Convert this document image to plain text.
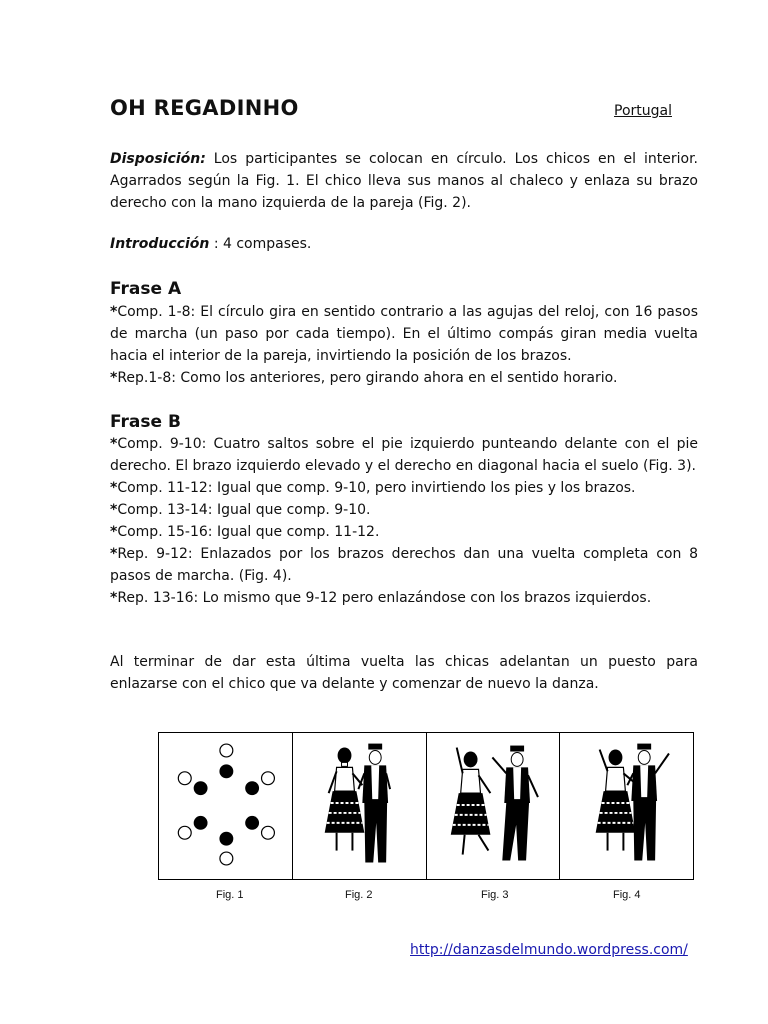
OH REGADINHO	Portugal
Disposición: Los participantes se colocan en círculo. Los chicos en el interior. Agarrados según la Fig. 1. El chico lleva sus manos al chaleco y enlaza su brazo derecho con la mano izquierda de la pareja (Fig. 2).
Introducción : 4 compases.
Frase A
*Comp. 1-8: El círculo gira en sentido contrario a las agujas del reloj, con 16 pasos de marcha (un paso por cada tiempo). En el último compás giran media vuelta hacia el interior de la pareja, invirtiendo la posición de los brazos.
*Rep.1-8: Como los anteriores, pero girando ahora en el sentido horario.
Frase B
*Comp. 9-10: Cuatro saltos sobre el pie izquierdo punteando delante con el pie derecho. El brazo izquierdo elevado y el derecho en diagonal hacia el suelo (Fig. 3).
*Comp. 11-12: Igual que comp. 9-10, pero invirtiendo los pies y los brazos.
*Comp. 13-14: Igual que comp. 9-10.
*Comp. 15-16: Igual que comp. 11-12.
*Rep. 9-12: Enlazados por los brazos derechos dan una vuelta completa con 8 pasos de marcha. (Fig. 4).
*Rep. 13-16: Lo mismo que 9-12 pero enlazándose con los brazos izquierdos.
Al terminar de dar esta última vuelta las chicas adelantan un puesto para enlazarse con el chico que va delante y comenzar de nuevo la danza.
Fig. 1	Fig. 2	Fig. 3	Fig. 4
http://danzasdelmundo.wordpress.com/
